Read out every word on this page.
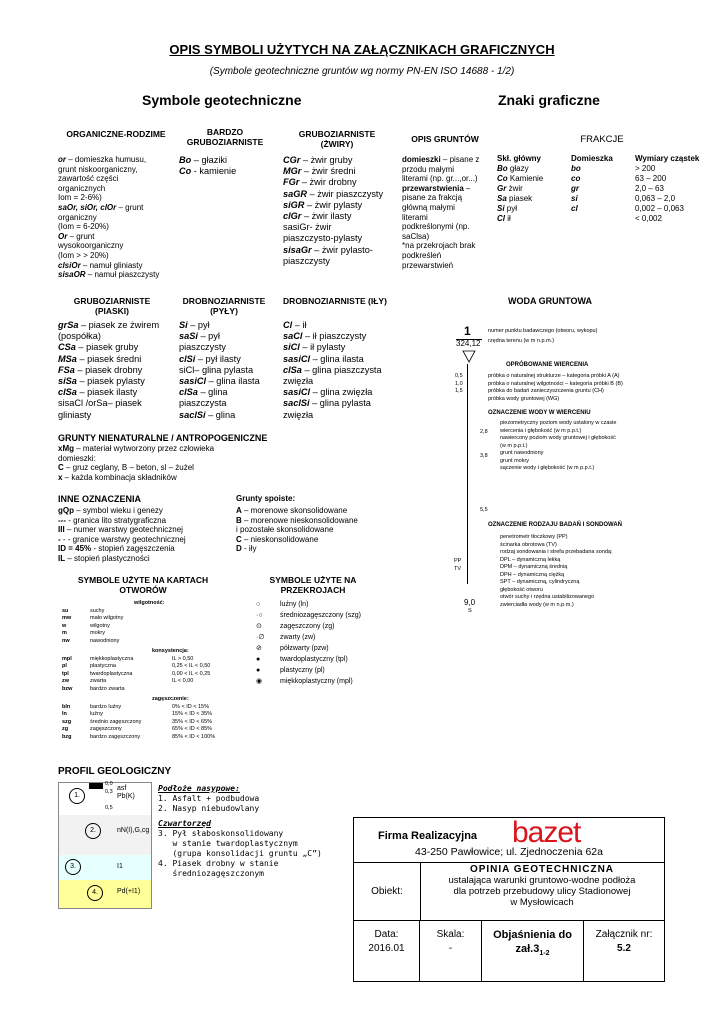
OPIS SYMBOLI UŻYTYCH NA ZAŁĄCZNIKACH GRAFICZNYCH
(Symbole geotechniczne gruntów wg normy PN-EN ISO 14688 - 1/2)
Symbole geotechniczne	Znaki graficzne
ORGANICZNE-RODZIME
or – domieszka humusu,
grunt niskoorganiczny,
zawartość części
organicznych
Iom = 2-6%)
saOr, siOr, clOr – grunt
organiczny
(Iom = 6-20%)
Or – grunt
wysokoorganiczny
(Iom > > 20%)
clsiOr – namuł gliniasty
sisaOR – namuł piaszczysty
BARDZO GRUBOZIARNISTE
Bo – głaziki
Co - kamienie
GRUBOZIARNISTE (ŻWIRY)
CGr – żwir gruby
MGr – żwir średni
FGr – żwir drobny
saGR – żwir piaszczysty
siGR – żwir pylasty
clGr – żwir ilasty
sasiGr- żwir
piaszczysto-pylasty
sisaGr – żwir pylasto-
piaszczysty
OPIS GRUNTÓW
domieszki – pisane z
przodu małymi
literami (np. gr...,or...)
przewarstwienia –
pisane za frakcją
główną małymi
literami
podkreślonymi (np.
saClsa)
*na przekrojach brak
podkreśleń
przewarstwień
FRAKCJE
Skł. główny	Domieszka	Wymiary cząstek
Bo głazy	bo	> 200
Co Kamienie	co	63 – 200
Gr żwir	gr	2,0 – 63
Sa piasek	si	0,063 – 2,0
Si pył	cl	0,002 – 0,063
Cl ił		< 0,002
GRUBOZIARNISTE (PIASKI)
grSa – piasek ze żwirem
(pospółka)
CSa – piasek gruby
MSa – piasek średni
FSa – piasek drobny
siSa – piasek pylasty
clSa – piasek ilasty
sisaCl /orSa– piasek
gliniasty
DROBNOZIARNISTE (PYŁY)
Si – pył
saSi – pył
piaszczysty
clSi – pył ilasty
siCl– glina pylasta
sasiCl – glina ilasta
clSa – glina
piaszczysta
saclSi – glina
DROBNOZIARNISTE (IŁY)
Cl – ił
saCl – ił piaszczysty
siCl – ił pylasty
sasiCl – glina ilasta
clSa – glina piaszczysta
zwięzła
sasiCl – glina zwięzła
saclSi – glina pylasta
zwięzła
WODA GRUNTOWA
1	numer punktu badawczego (otworu, wykopu)
324,12 rzędna terenu (w m n.p.m.)
OPRÓBOWANIE WIERCENIA
próbka o naturalnej strukturze – kategoria próbki A (A)
próbka o naturalnej wilgotności – kategoria próbki B (B)
próbka do badań zanieczyszczenia gruntu (CH)
próbka wody gruntowej (WG)
0,5
1,0
1,5
OZNACZENIE WODY W WIERCENIU
piezometryczny poziom wody ustalony w czasie
wiercenia i głębokość (w m p.p.t.)
nawiercony poziom wody gruntowej i głębokość
(w m p.p.t.)
grunt nawodniony
grunt mokry
sączenie wody i głębokość (w m p.p.t.)
2,8
3,8
5,5
OZNACZENIE RODZAJU BADAŃ I SONDOWAŃ
penetrometr tłoczkowy (PP)
ścinarka obrotowa (TV)
rodzaj sondowania i strefa przebadana sondą:
DPL – dynamiczną lekką
DPM – dynamiczną średnią
DPH – dynamiczną ciężką
SPT – dynamiczną, cylindryczną
głębokość otworu
otwór suchy i rzędna ustabilizowanego
zwierciadła wody (w m n.p.m.)
PP
TV
9,0
S
GRUNTY NIENATURALNE / ANTROPOGENICZNE
xMg – materiał wytworzony przez człowieka
domieszki:
C – gruz ceglany, B – beton, sl – żużel
x – każda kombinacja składników
INNE OZNACZENIA
gQp – symbol wieku i genezy
--- - granica lito stratygraficzna
III – numer warstwy geotechnicznej
- - - granice warstwy geotechnicznej
ID = 45% - stopień zagęszczenia
IL – stopień plastyczności
Grunty spoiste:
A – morenowe skonsolidowane
B – morenowe nieskonsolidowane
i pozostałe skonsolidowane
C – nieskonsolidowane
D - iły
SYMBOLE UŻYTE NA KARTACH OTWORÓW
wilgotność:
su	suchy
mw	mało wilgotny
w	wilgotny
m	mokry
nw	nawodniony
konsystencja:
mpl	miękkoplastyczna	IL > 0,50
pl	plastyczna	0,25 < IL < 0,50
tpl	twardoplastyczna	0,00 < IL < 0,25
zw	zwarta	IL < 0,00
bzw	bardzo zwarta
zagęszczenie:
bln	bardzo luźny	0% < ID < 15%
ln	luźny	15% < ID < 35%
szg	średnio zagęszczony	35% < ID < 65%
zg	zagęszczony	65% < ID < 85%
bzg	bardzo zagęszczony	85% < ID < 100%
SYMBOLE UŻYTE NA PRZEKROJACH
○	luźny (ln)
·○ średniozagęszczony (szg)
⊙	zagęszczony (zg)
·∅ zwarty (zw)
⊘	półzwarty (pzw)
●	twardoplastyczny (tpl)
●	plastyczny (pl)
◉	miękkoplastyczny (mpl)
PROFIL GEOLOGICZNY
0,0
0,3
0,5
asf
1.	Pb(K)
2.	nN(I),G,cg
3.	I1
4.	Pd(+I1)
Podłoże nasypowe:
1. Asfalt + podbudowa
2. Nasyp niebudowlany
Czwartorzęd
3. Pył słaboskonsolidowany
w stanie twardoplastycznym
(grupa konsolidacji gruntu „C”)
4. Piasek drobny w stanie
średniozagęszczonym
Firma Realizacyjna bazet
43-250 Pawłowice; ul. Zjednoczenia 62a
Obiekt:
OPINIA GEOTECHNICZNA
ustalająca warunki gruntowo-wodne podłoża
dla potrzeb przebudowy ulicy Stadionowej
w Mysłowicach
Data:
2016.01
Skala:
-
Objaśnienia do
$zał.3_{1-2}$
Załącznik nr:
5.2
